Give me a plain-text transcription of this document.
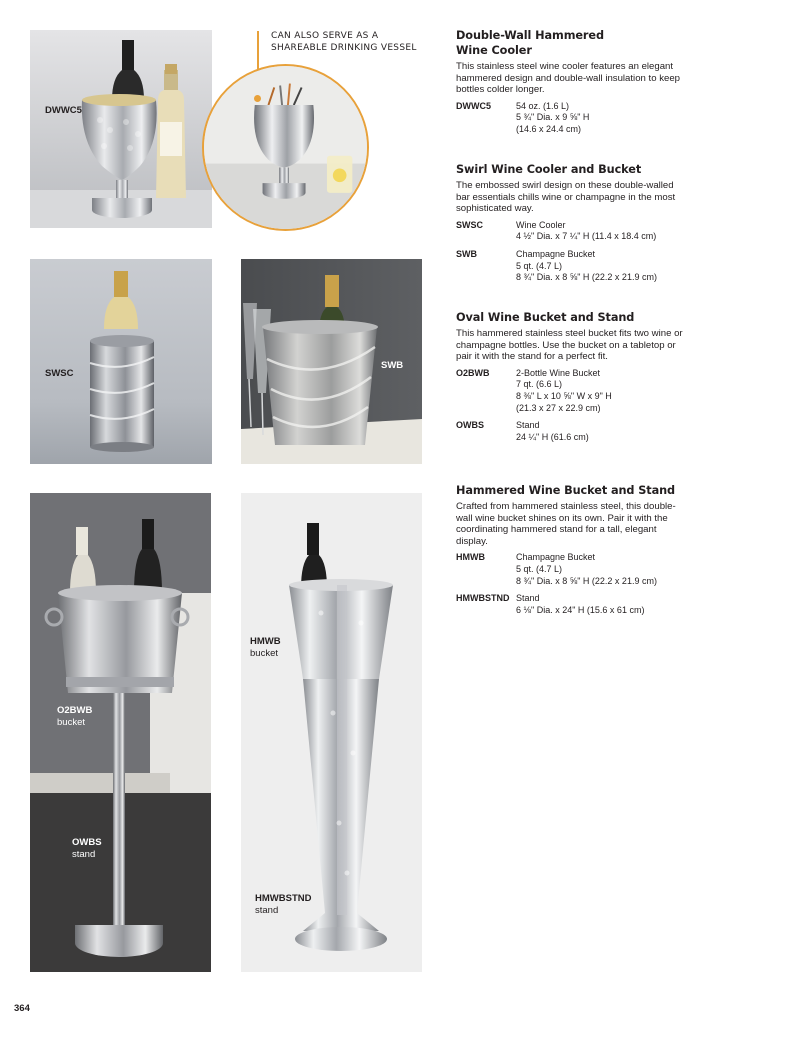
DWWC5
CAN ALSO SERVE AS A
SHAREABLE DRINKING VESSEL
SWSC
SWB
O2BWB
bucket
OWBS
stand
HMWB
bucket
HMWBSTND
stand
Double-Wall Hammered
Wine Cooler
This stainless steel wine cooler features an elegant hammered design and double-wall insulation to keep bottles colder longer.
DWWC5	54 oz. (1.6 L)
5 ¾" Dia. x 9 ⅝" H
(14.6 x 24.4 cm)
Swirl Wine Cooler and Bucket
The embossed swirl design on these double-walled bar essentials chills wine or champagne in the most sophisticated way.
SWSC	Wine Cooler
4 ½" Dia. x 7 ¼" H (11.4 x 18.4 cm)
SWB	Champagne Bucket
5 qt. (4.7 L)
8 ¾" Dia. x 8 ⅝" H (22.2 x 21.9 cm)
Oval Wine Bucket and Stand
This hammered stainless steel bucket fits two wine or champagne bottles. Use the bucket on a tabletop or pair it with the stand for a perfect fit.
O2BWB	2-Bottle Wine Bucket
7 qt. (6.6 L)
8 ⅜" L x 10 ⅝" W x 9" H
(21.3 x 27 x 22.9 cm)
OWBS	Stand
24 ¼" H (61.6 cm)
Hammered Wine Bucket and Stand
Crafted from hammered stainless steel, this double-wall wine bucket shines on its own. Pair it with the coordinating hammered stand for a tall, elegant display.
HMWB	Champagne Bucket
5 qt. (4.7 L)
8 ¾" Dia. x 8 ⅝" H (22.2 x 21.9 cm)
HMWBSTND Stand
6 ⅛" Dia. x 24" H (15.6 x 61 cm)
364
